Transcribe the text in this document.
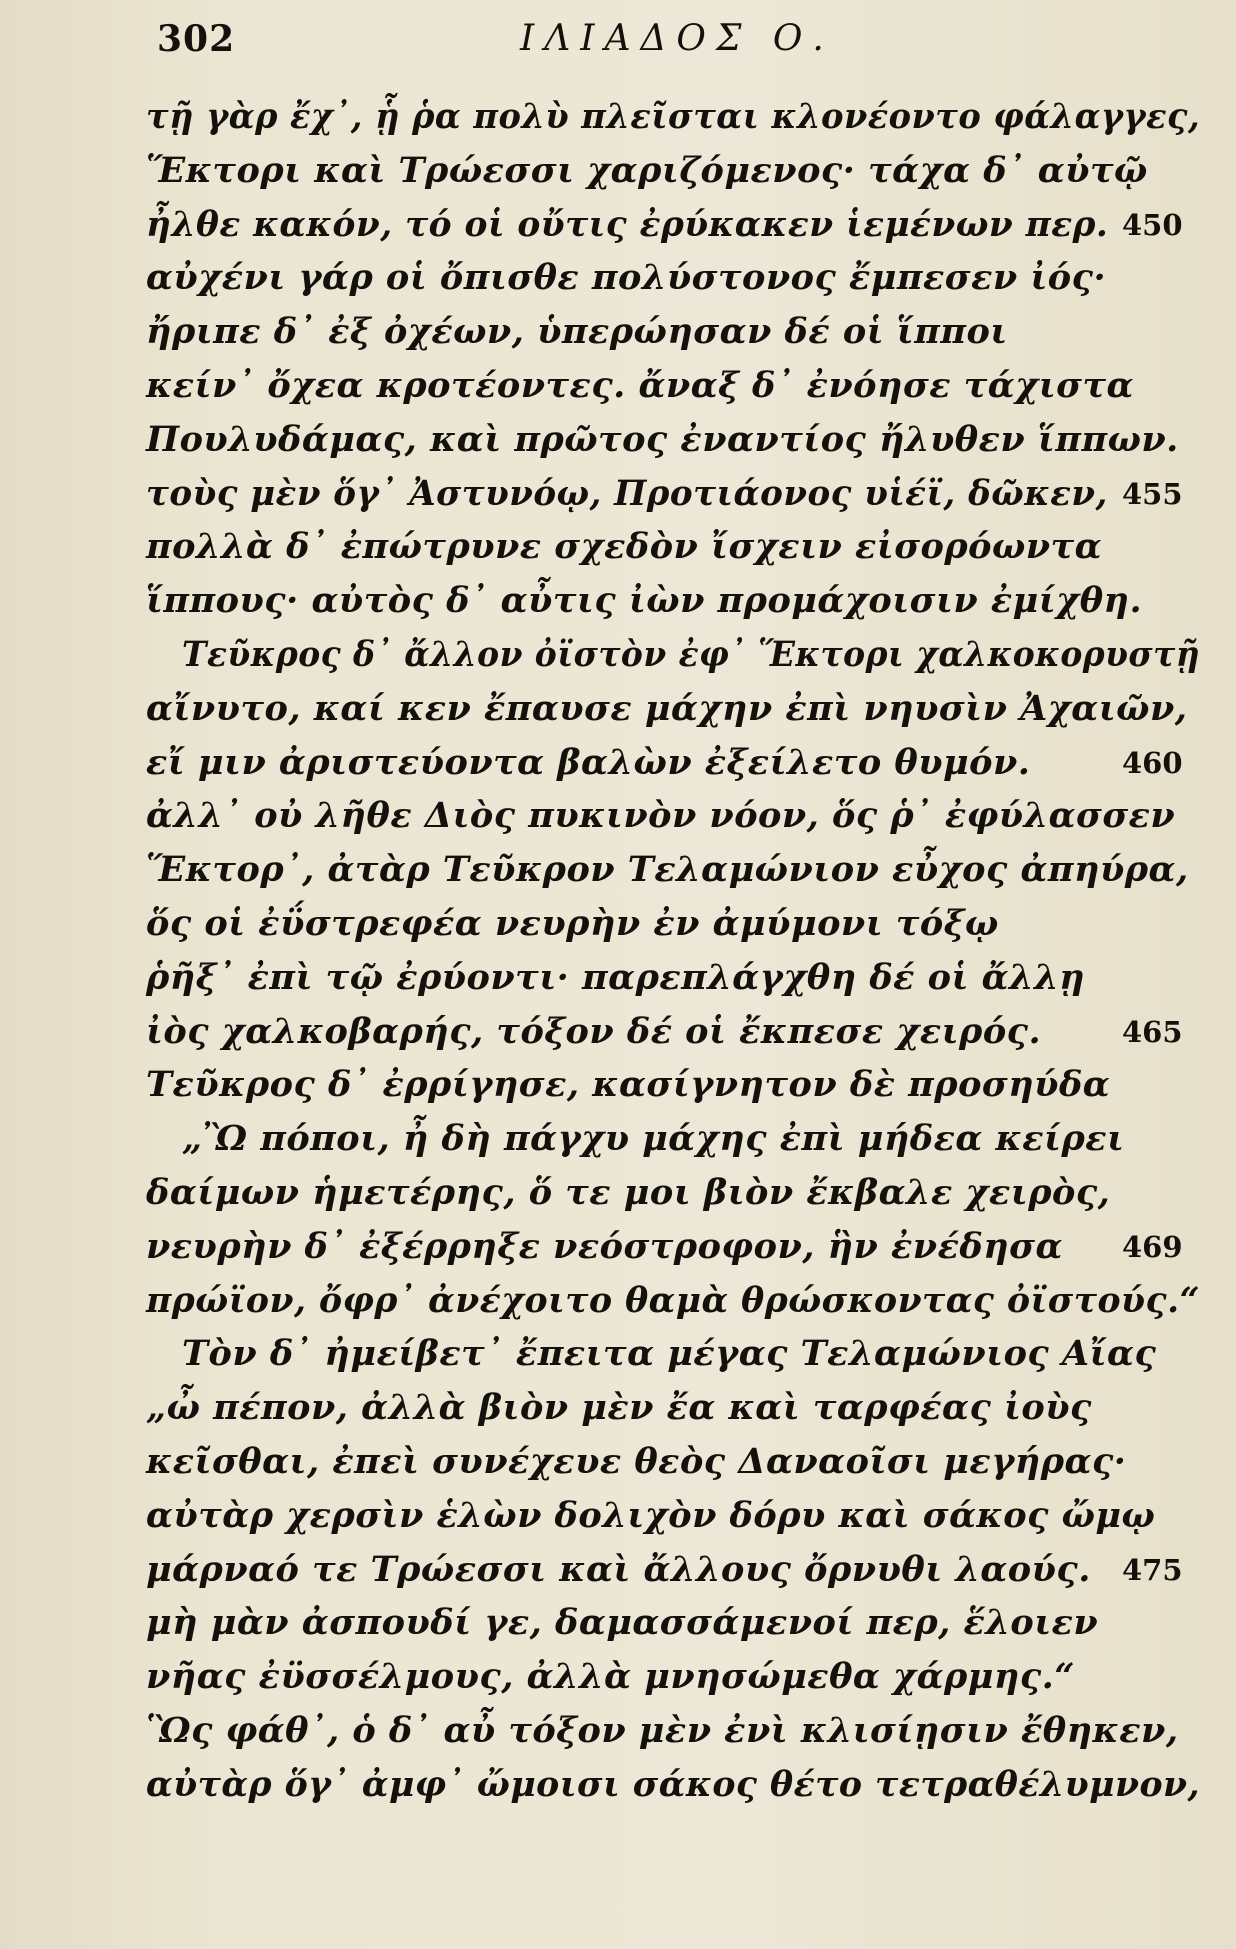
302	ΙΛΙΑΔΟΣ Ο.
τῇ γὰρ ἔχ᾽, ᾗ ῥα πολὺ πλεῖσται κλονέοντο φάλαγγες,
Ἕκτορι καὶ Τρώεσσι χαριζόμενος· τάχα δ᾽ αὐτῷ
ἦλθε κακόν, τό οἱ οὔτις ἐρύκακεν ἱεμένων περ. 450
αὐχένι γάρ οἱ ὄπισθε πολύστονος ἔμπεσεν ἰός·
ἤριπε δ᾽ ἐξ ὀχέων, ὑπερώησαν δέ οἱ ἵπποι
κείν᾽ ὄχεα κροτέοντες. ἄναξ δ᾽ ἐνόησε τάχιστα
Πουλυδάμας, καὶ πρῶτος ἐναντίος ἤλυθεν ἵππων.
τοὺς μὲν ὅγ᾽ Ἀστυνόῳ, Προτιάονος υἱέϊ, δῶκεν, 455
πολλὰ δ᾽ ἐπώτρυνε σχεδὸν ἴσχειν εἰσορόωντα
ἵππους· αὐτὸς δ᾽ αὖτις ἰὼν προμάχοισιν ἐμίχθη.
Τεῦκρος δ᾽ ἄλλον ὀϊστὸν ἐφ᾽ Ἕκτορι χαλκοκορυστῇ
αἴνυτο, καί κεν ἔπαυσε μάχην ἐπὶ νηυσὶν Ἀχαιῶν,
εἴ μιν ἀριστεύοντα βαλὼν ἐξείλετο θυμόν.	460
ἀλλ᾽ οὐ λῆθε Διὸς πυκινὸν νόον, ὅς ῥ᾽ ἐφύλασσεν
Ἕκτορ᾽, ἀτὰρ Τεῦκρον Τελαμώνιον εὖχος ἀπηύρα,
ὅς οἱ ἐΰστρεφέα νευρὴν ἐν ἀμύμονι τόξῳ
ῥῆξ᾽ ἐπὶ τῷ ἐρύοντι· παρεπλάγχθη δέ οἱ ἄλλῃ
ἰὸς χαλκοβαρής, τόξον δέ οἱ ἔκπεσε χειρός.	465
Τεῦκρος δ᾽ ἐρρίγησε, κασίγνητον δὲ προσηύδα
„Ὢ πόποι, ἦ δὴ πάγχυ μάχης ἐπὶ μήδεα κείρει
δαίμων ἡμετέρης, ὅ τε μοι βιὸν ἔκβαλε χειρὸς,
νευρὴν δ᾽ ἐξέρρηξε νεόστροφον, ἣν ἐνέδησα 469
πρώϊον, ὄφρ᾽ ἀνέχοιτο θαμὰ θρώσκοντας ὀϊστούς.“
Τὸν δ᾽ ἠμείβετ᾽ ἔπειτα μέγας Τελαμώνιος Αἴας
„ὦ πέπον, ἀλλὰ βιὸν μὲν ἔα καὶ ταρφέας ἰοὺς
κεῖσθαι, ἐπεὶ συνέχευε θεὸς Δαναοῖσι μεγήρας·
αὐτὰρ χερσὶν ἑλὼν δολιχὸν δόρυ καὶ σάκος ὤμῳ
μάρναό τε Τρώεσσι καὶ ἄλλους ὄρνυθι λαούς. 475
μὴ μὰν ἀσπουδί γε, δαμασσάμενοί περ, ἕλοιεν
νῆας ἐϋσσέλμους, ἀλλὰ μνησώμεθα χάρμης.“
Ὣς φάθ᾽, ὁ δ᾽ αὖ τόξον μὲν ἐνὶ κλισίῃσιν ἔθηκεν,
αὐτὰρ ὅγ᾽ ἀμφ᾽ ὤμοισι σάκος θέτο τετραθέλυμνον,
